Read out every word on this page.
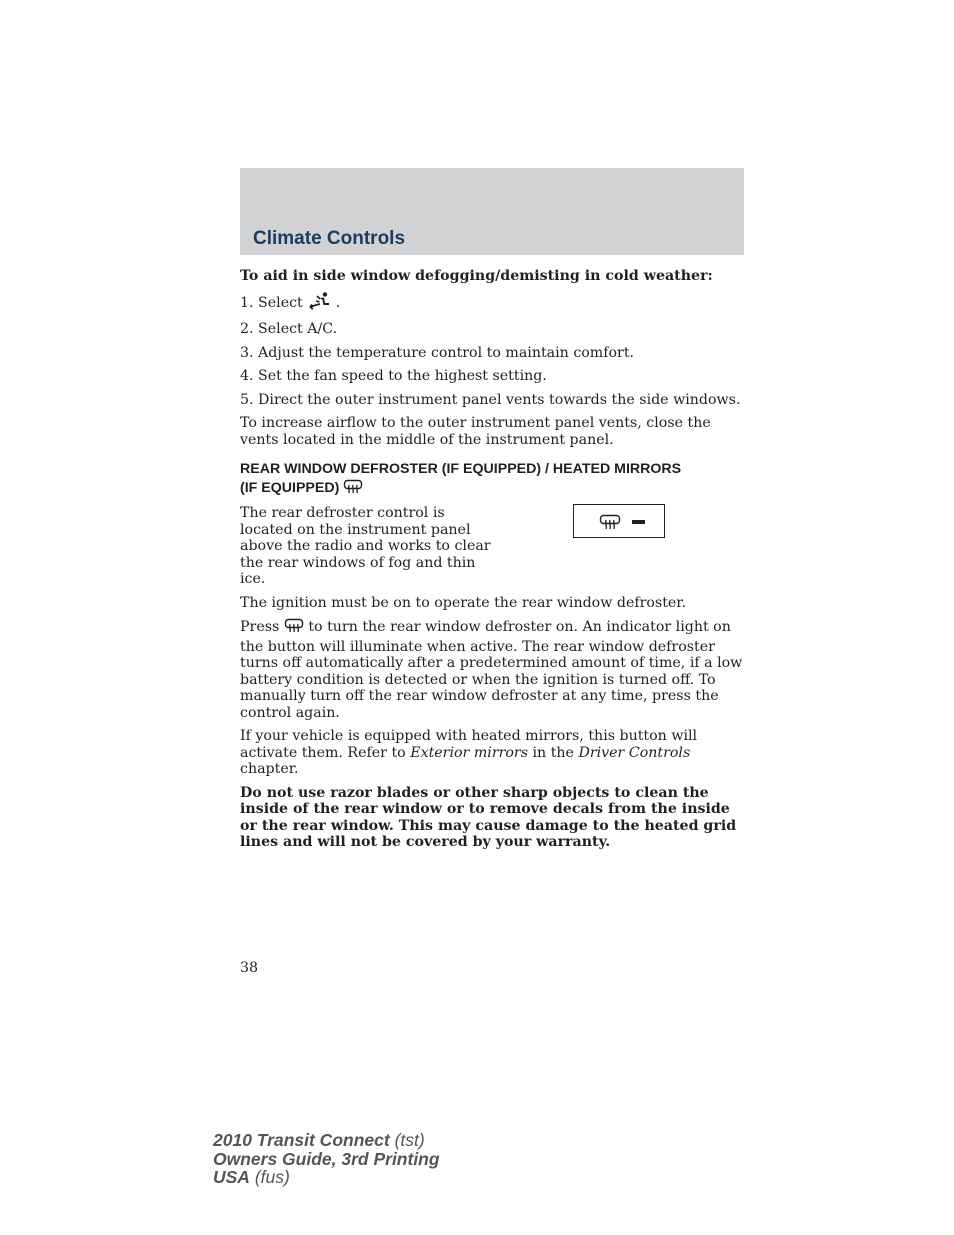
Climate Controls

To aid in side window defogging/demisting in cold weather:

1. Select .

2. Select A/C.

3. Adjust the temperature control to maintain comfort.

4. Set the fan speed to the highest setting.

5. Direct the outer instrument panel vents towards the side windows.

To increase airflow to the outer instrument panel vents, close the vents located in the middle of the instrument panel.

REAR WINDOW DEFROSTER (IF EQUIPPED) / HEATED MIRRORS
(IF EQUIPPED)

The rear defroster control is located on the instrument panel above the radio and works to clear the rear windows of fog and thin ice.

The ignition must be on to operate the rear window defroster.

Press to turn the rear window defroster on. An indicator light on the button will illuminate when active. The rear window defroster turns off automatically after a predetermined amount of time, if a low battery condition is detected or when the ignition is turned off. To manually turn off the rear window defroster at any time, press the control again.

If your vehicle is equipped with heated mirrors, this button will activate them. Refer to Exterior mirrors in the Driver Controls chapter.

Do not use razor blades or other sharp objects to clean the inside of the rear window or to remove decals from the inside or the rear window. This may cause damage to the heated grid lines and will not be covered by your warranty.

38
2010 Transit Connect (tst)
Owners Guide, 3rd Printing
USA (fus)
